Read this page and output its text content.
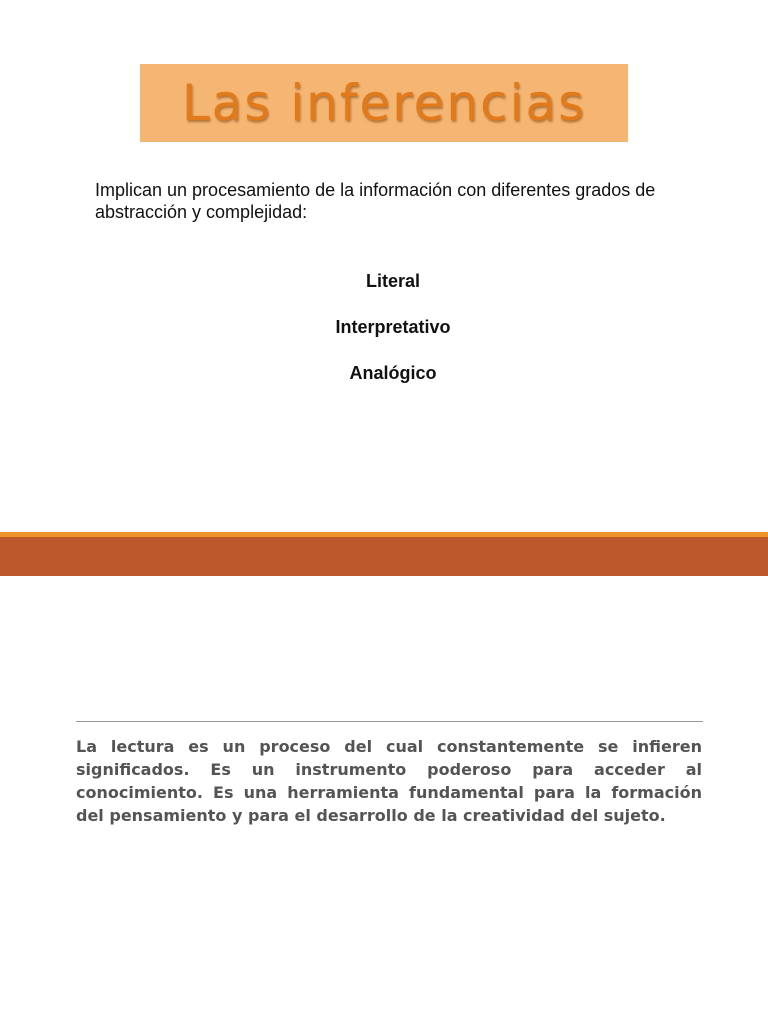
Las inferencias

Implican un procesamiento de la información con diferentes grados de abstracción y complejidad:

Literal
Interpretativo
Analógico

La lectura es un proceso del cual constantemente se infieren significados. Es un instrumento poderoso para acceder al conocimiento. Es una herramienta fundamental para la formación del pensamiento y para el desarrollo de la creatividad del sujeto.
